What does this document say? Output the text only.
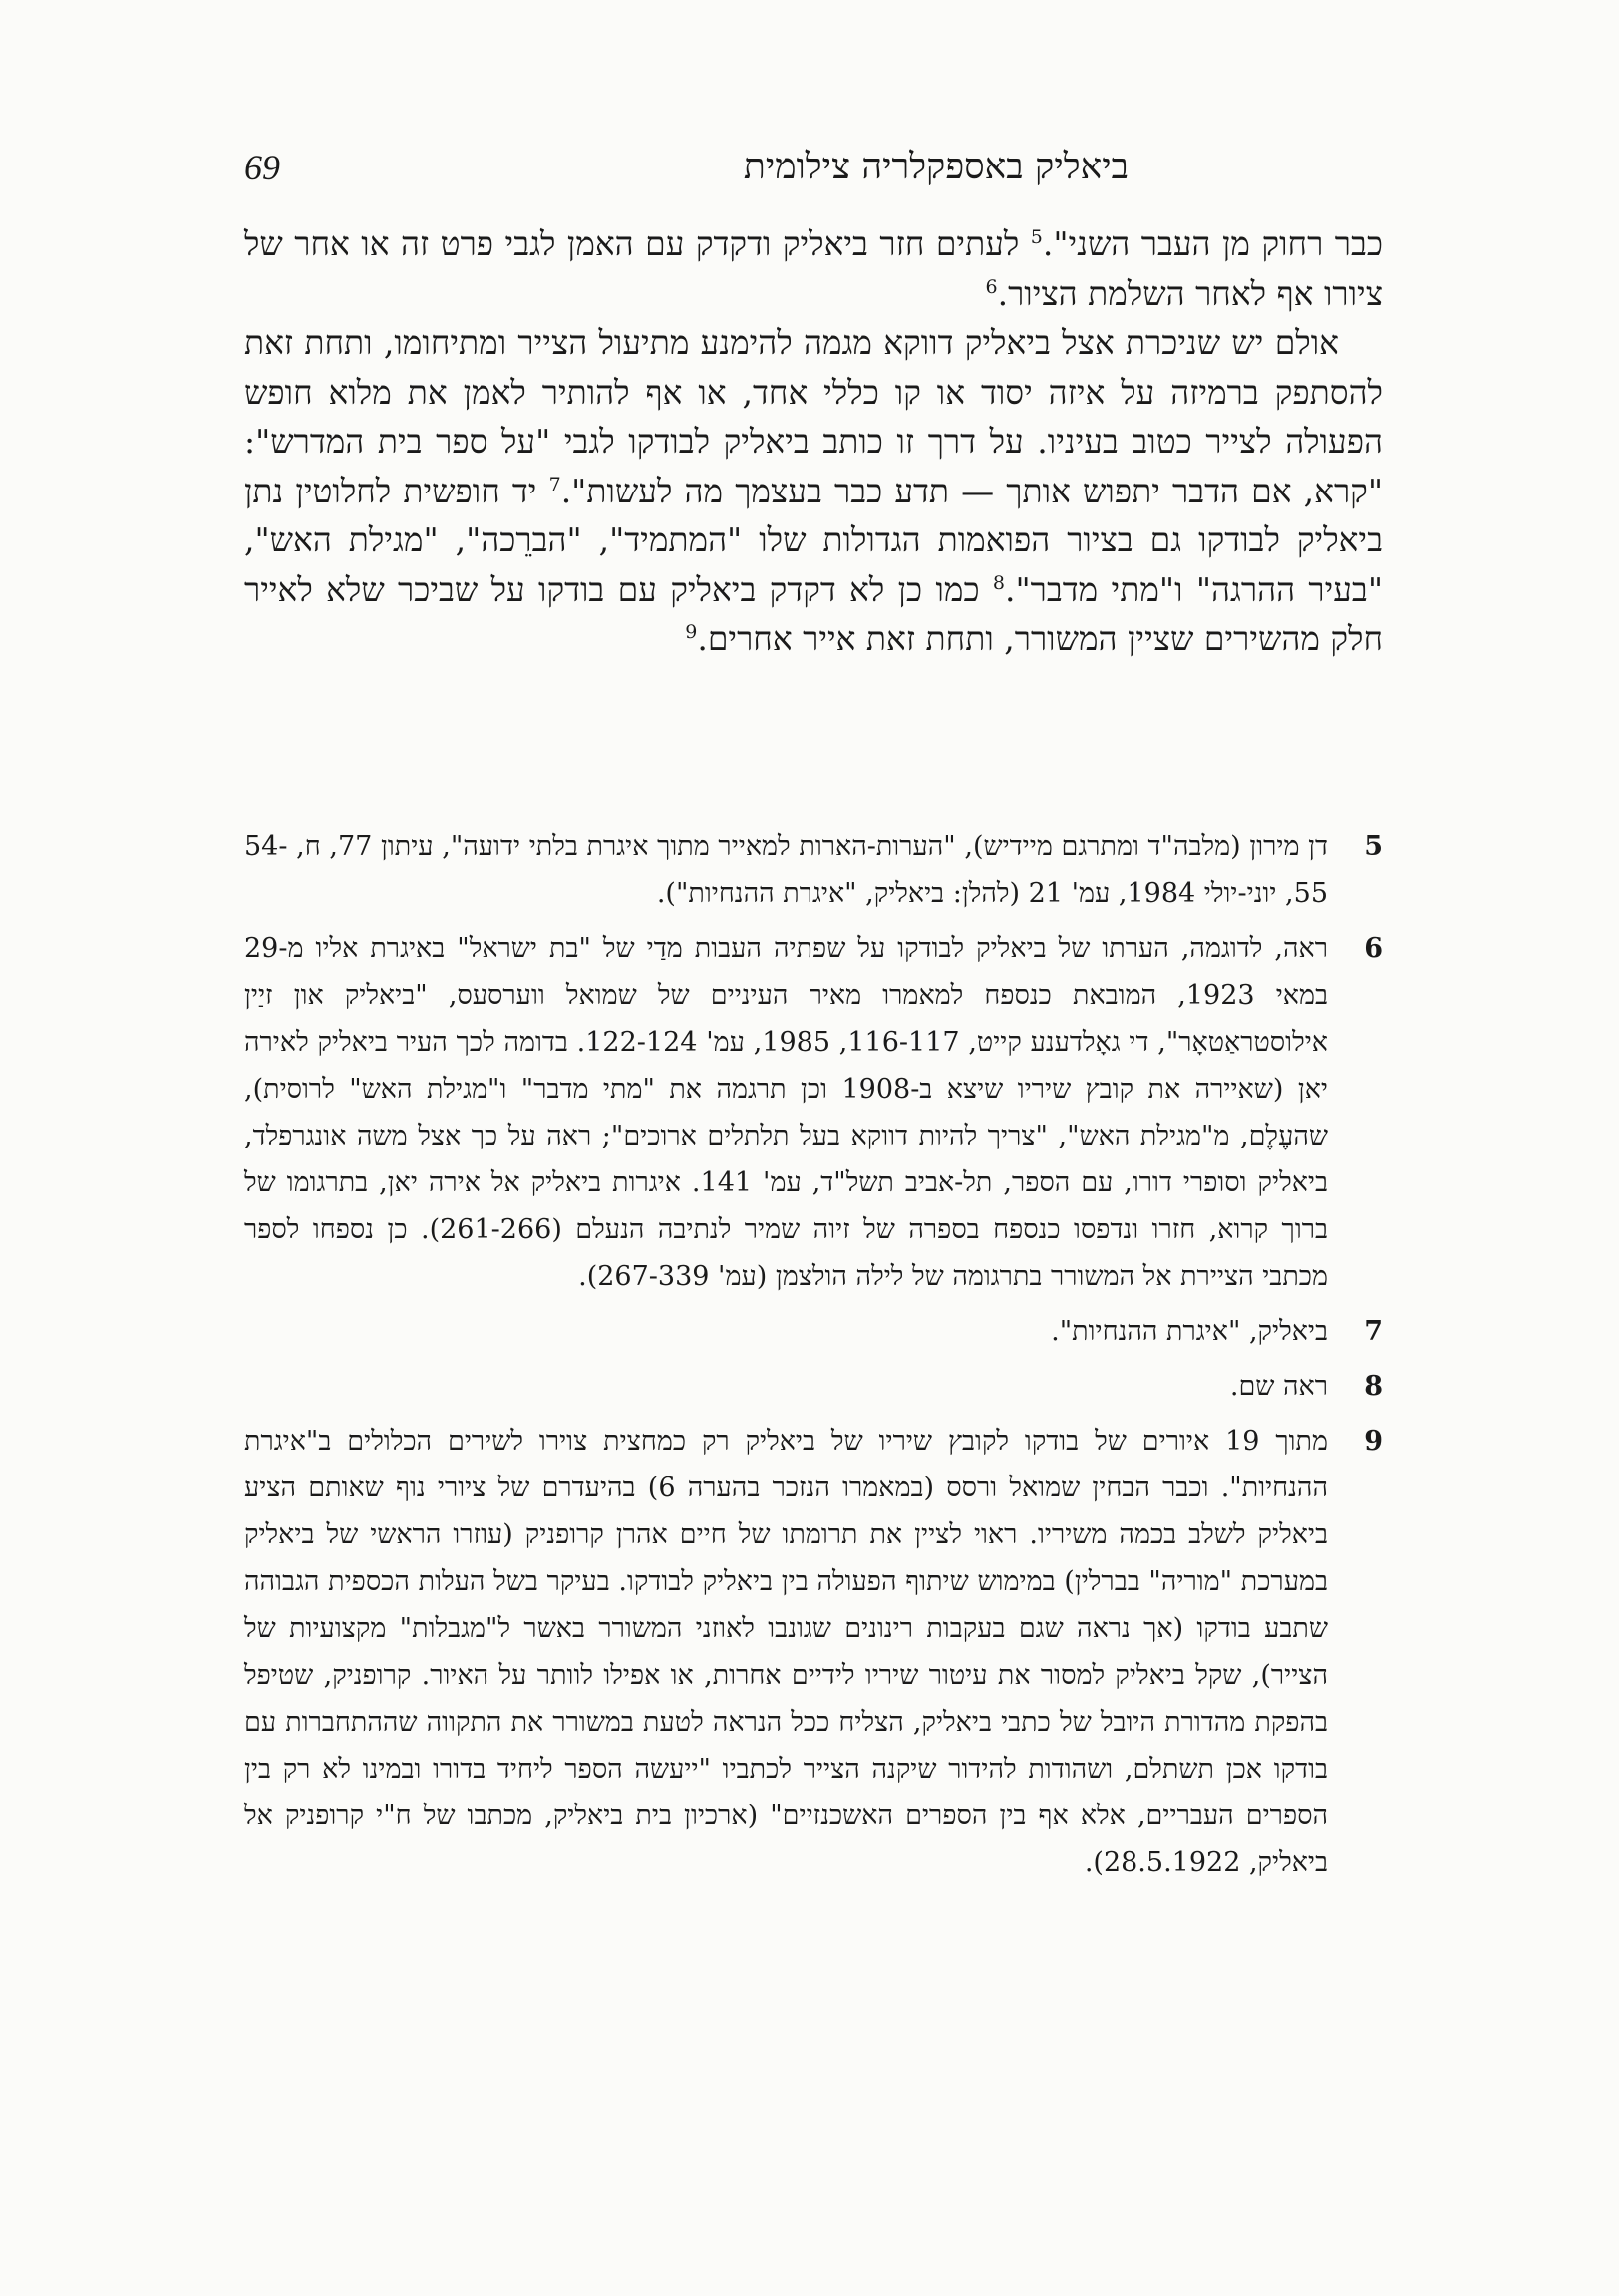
69	ביאליק באספקלריה צילומית

כבר רחוק מן העבר השני".$^5$ לעתים חזר ביאליק ודקדק עם האמן לגבי פרט זה או אחר של ציורו אף לאחר השלמת הציור.$^6$

אולם יש שניכרת אצל ביאליק דווקא מגמה להימנע מתיעול הצייר ומתיחומו, ותחת זאת להסתפק ברמיזה על איזה יסוד או קו כללי אחד, או אף להותיר לאמן את מלוא חופש הפעולה לצייר כטוב בעיניו. על דרך זו כותב ביאליק לבודקו לגבי "על ספר בית המדרש": "קרא, אם הדבר יתפוש אותך — תדע כבר בעצמך מה לעשות".$^7$ יד חופשית לחלוטין נתן ביאליק לבודקו גם בציור הפואמות הגדולות שלו "המתמיד", "הברֵכה", "מגילת האש", "בעיר ההרגה" ו"מתי מדבר".$^8$ כמו כן לא דקדק ביאליק עם בודקו על שביכר שלא לאייר חלק מהשירים שציין המשורר, ותחת זאת אייר אחרים.$^9$

5
דן מירון (מלבה"ד ומתרגם מיידיש), "הערות-הארות למאייר מתוך איגרת בלתי ידועה", עיתון 77, ח, 54-55, יוני-יולי 1984, עמ' 21 (להלן: ביאליק, "איגרת ההנחיות").
6
ראה, לדוגמה, הערתו של ביאליק לבודקו על שפתיה העבות מדַי של "בת ישראל" באיגרת אליו מ-29 במאי 1923, המובאת כנספח למאמרו מאיר העיניים של שמואל ווערסעס, "ביאליק און זיַין אילוסטראַטאָר", די גאָלדענע קייט, 116-117, 1985, עמ' 122-124. בדומה לכך העיר ביאליק לאירה יאן (שאיירה את קובץ שיריו שיצא ב-1908 וכן תרגמה את "מתי מדבר" ו"מגילת האש" לרוסית), שהעֶלֶם, מ"מגילת האש", "צריך להיות דווקא בעל תלתלים ארוכים"; ראה על כך אצל משה אונגרפלד, ביאליק וסופרי דורו, עם הספר, תל-אביב תשל"ד, עמ' 141. איגרות ביאליק אל אירה יאן, בתרגומו של ברוך קרוא, חזרו ונדפסו כנספח בספרה של זיוה שמיר לנתיבה הנעלם (261-266). כן נספחו לספר מכתבי הציירת אל המשורר בתרגומה של לילה הולצמן (עמ' 267-339).
7
ביאליק, "איגרת ההנחיות".
8
ראה שם.
9
מתוך 19 איורים של בודקו לקובץ שיריו של ביאליק רק כמחצית צוירו לשירים הכלולים ב"איגרת ההנחיות". וכבר הבחין שמואל ורסס (במאמרו הנזכר בהערה 6) בהיעדרם של ציורי נוף שאותם הציע ביאליק לשלב בכמה משיריו. ראוי לציין את תרומתו של חיים אהרן קרופניק (עוזרו הראשי של ביאליק במערכת "מוריה" בברלין) במימוש שיתוף הפעולה בין ביאליק לבודקו. בעיקר בשל העלות הכספית הגבוהה שתבע בודקו (אך נראה שגם בעקבות רינונים שגונבו לאוזני המשורר באשר ל"מגבלות" מקצועיות של הצייר), שקל ביאליק למסור את עיטור שיריו לידיים אחרות, או אפילו לוותר על האיור. קרופניק, שטיפל בהפקת מהדורת היובל של כתבי ביאליק, הצליח ככל הנראה לטעת במשורר את התקווה שההתחברות עם בודקו אכן תשתלם, ושהודות להידור שיקנה הצייר לכתביו "ייעשה הספר ליחיד בדורו ובמינו לא רק בין הספרים העבריים, אלא אף בין הספרים האשכנזיים" (ארכיון בית ביאליק, מכתבו של ח"י קרופניק אל ביאליק, 28.5.1922).
